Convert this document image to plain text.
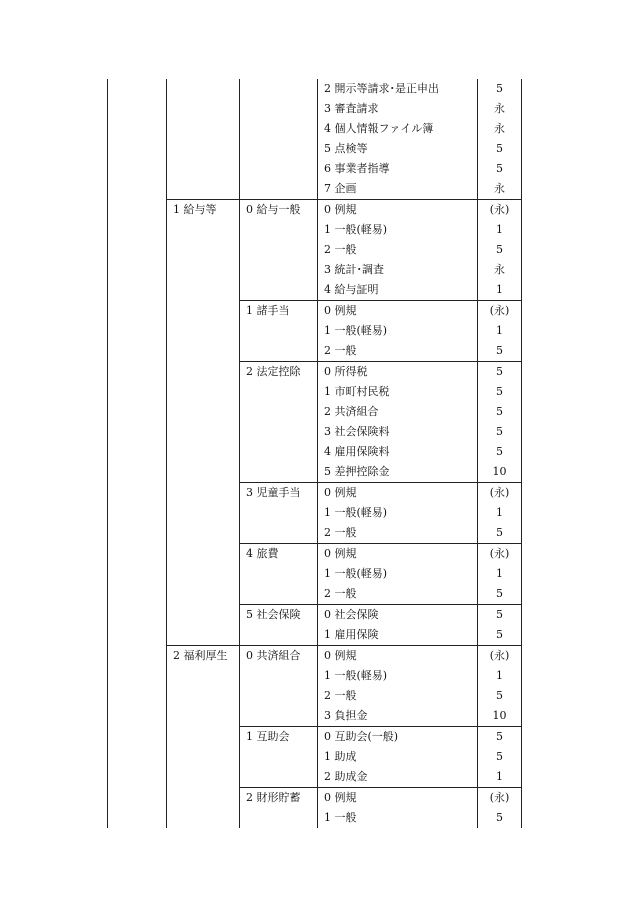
			2 開示等請求･是正申出	5
			3 審査請求	永
			4 個人情報ファイル簿	永
			5 点検等	5
			6 事業者指導	5
			7 企画	永
	1 給与等	0 給与一般	0 例規	(永)
			1 一般(軽易)	1
			2 一般	5
			3 統計･調査	永
			4 給与証明	1
		1 諸手当	0 例規	(永)
			1 一般(軽易)	1
			2 一般	5
		2 法定控除	0 所得税	5
			1 市町村民税	5
			2 共済組合	5
			3 社会保険料	5
			4 雇用保険料	5
			5 差押控除金	10
		3 児童手当	0 例規	(永)
			1 一般(軽易)	1
			2 一般	5
		4 旅費	0 例規	(永)
			1 一般(軽易)	1
			2 一般	5
		5 社会保険	0 社会保険	5
			1 雇用保険	5
	2 福利厚生	0 共済組合	0 例規	(永)
			1 一般(軽易)	1
			2 一般	5
			3 負担金	10
		1 互助会	0 互助会(一般)	5
			1 助成	5
			2 助成金	1
		2 財形貯蓄	0 例規	(永)
			1 一般	5
